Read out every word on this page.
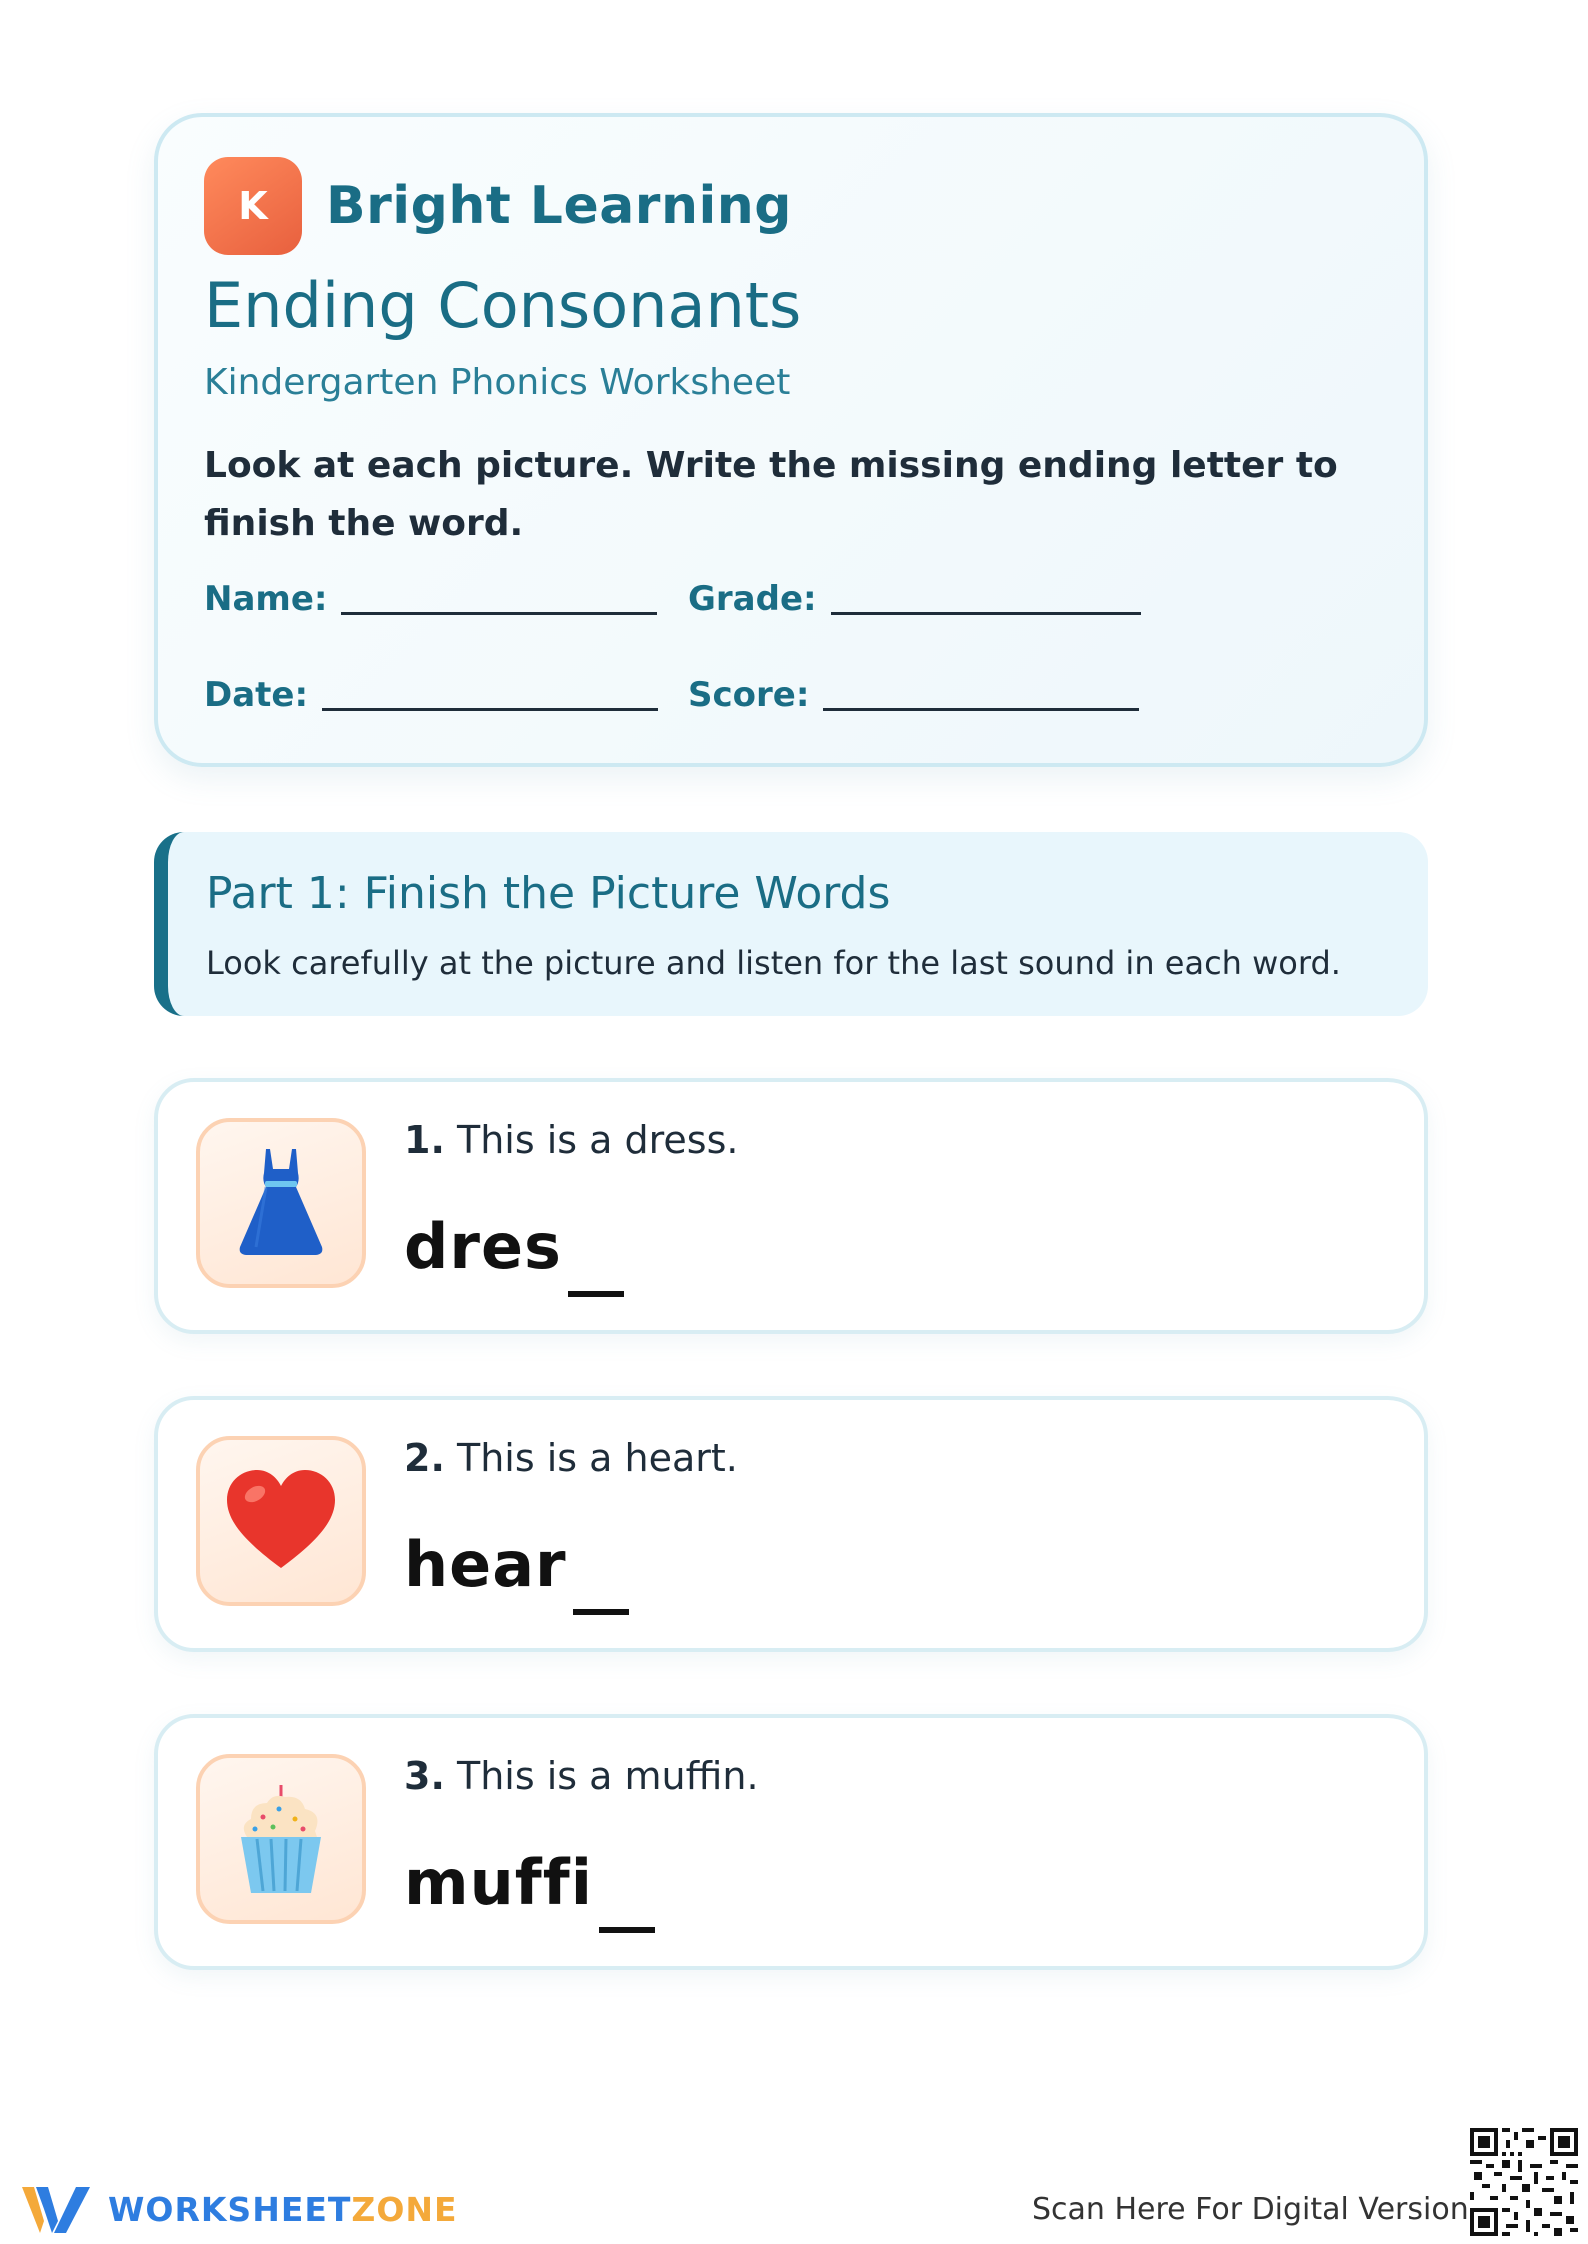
K	Bright Learning
Ending Consonants
Kindergarten Phonics Worksheet
Look at each picture. Write the missing ending letter to finish the word.
Name:	Grade:
Date:	Score:
Part 1: Finish the Picture Words
Look carefully at the picture and listen for the last sound in each word.
1. This is a dress.
dres
2. This is a heart.
hear
3. This is a muffin.
muffi
WORKSHEETZONE	Scan Here For Digital Version
